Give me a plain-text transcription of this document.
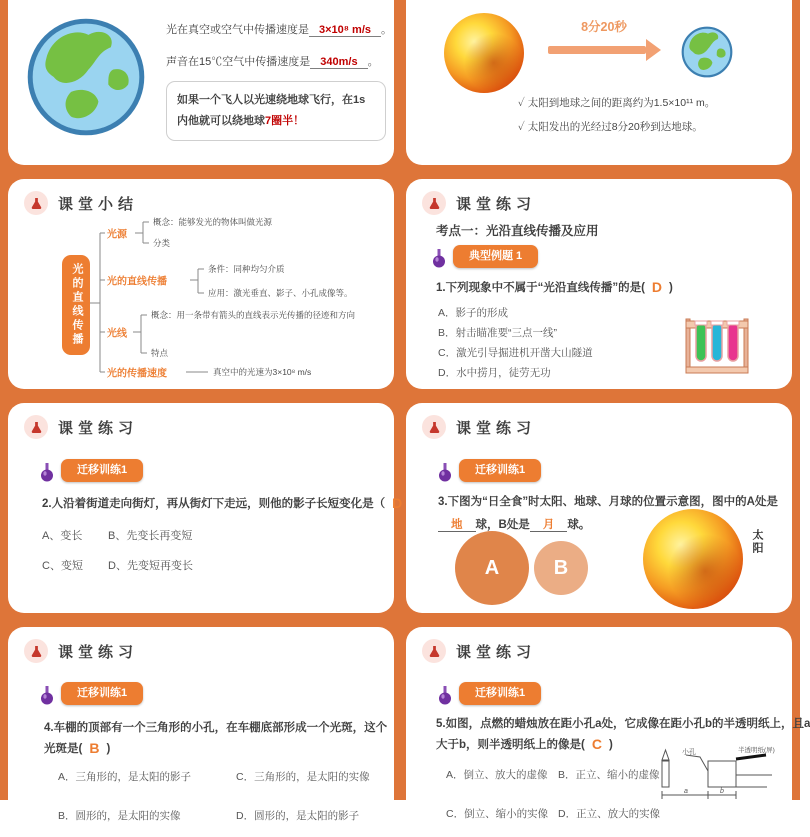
光在真空或空气中传播速度是 3×10⁸ m/s 。
声音在15℃空气中传播速度是 340m/s 。
如果一个飞人以光速绕地球飞行，在1s内他就可以绕地球7圈半！
8分20秒
✓ 太阳到地球之间的距离约为1.5×10¹¹ m。
✓ 太阳发出的光经过8分20秒到达地球。
课堂小结
光的直线传播
光源
概念：能够发光的物体叫做光源
分类
光的直线传播
条件：同种均匀介质
应用：激光垂直、影子、小孔成像等。
光线
概念：用一条带有箭头的直线表示光传播的径迹和方向
特点
光的传播速度	真空中的光速为3×10⁸ m/s
课堂练习
考点一：光沿直线传播及应用
典型例题 1
1.下列现象中不属于“光沿直线传播”的是( D )
A．影子的形成
B．射击瞄准要“三点一线”
C．激光引导掘进机开凿大山隧道
D．水中捞月，徒劳无功
课堂练习
迁移训练1
2.人沿着街道走向街灯，再从街灯下走远，则他的影子长短变化是（ D
A、变长 B、先变长再变短
C、变短 D、先变短再变长
课堂练习
迁移训练1
3.下图为“日全食”时太阳、地球、月球的位置示意图，图中的A处是
地 球，B处是 月 球。
A	B
太阳
课堂练习
迁移训练1
4.车棚的顶部有一个三角形的小孔，在车棚底部形成一个光斑，这个
光斑是( B )
A．三角形的，是太阳的影子	C．三角形的，是太阳的实像
B．圆形的，是太阳的实像	D．圆形的，是太阳的影子
课堂练习
迁移训练1
5.如图，点燃的蜡烛放在距小孔a处，它成像在距小孔b的半透明纸上，且a
大于b，则半透明纸上的像是( C )
A．倒立、放大的虚像 B．正立、缩小的虚像
C．倒立、缩小的实像 D．正立、放大的实像
小孔	半透明纸(屏)
a	b
